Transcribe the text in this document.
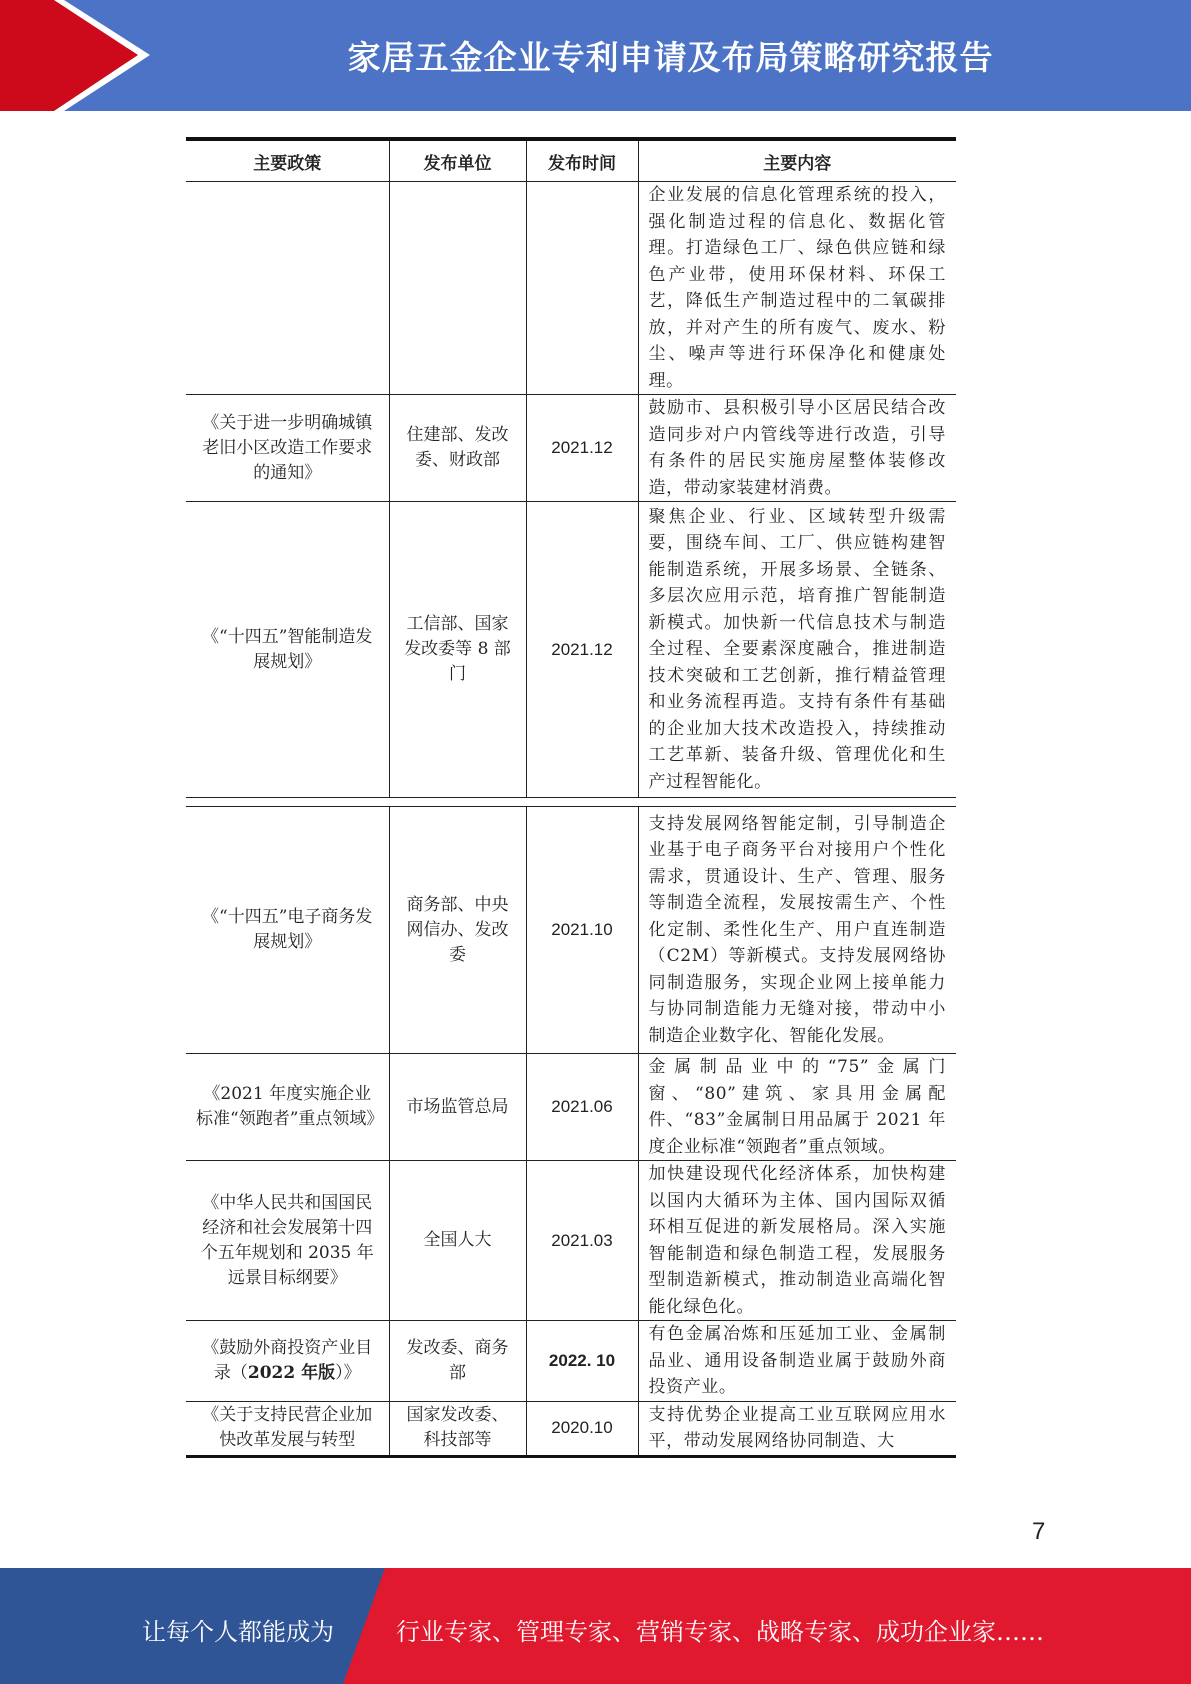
家居五金企业专利申请及布局策略研究报告
主要政策	发布单位	发布时间	主要内容
			企业发展的信息化管理系统的投入，强化制造过程的信息化、数据化管理。打造绿色工厂、绿色供应链和绿色产业带，使用环保材料、环保工艺，降低生产制造过程中的二氧碳排放，并对产生的所有废气、废水、粉尘、噪声等进行环保净化和健康处理。
《关于进一步明确城镇老旧小区改造工作要求的通知》	住建部、发改委、财政部	2021.12	鼓励市、县积极引导小区居民结合改造同步对户内管线等进行改造，引导有条件的居民实施房屋整体装修改造，带动家装建材消费。
《“十四五”智能制造发展规划》	工信部、国家发改委等 8 部门	2021.12	聚焦企业、行业、区域转型升级需要，围绕车间、工厂、供应链构建智能制造系统，开展多场景、全链条、多层次应用示范，培育推广智能制造新模式。加快新一代信息技术与制造全过程、全要素深度融合，推进制造技术突破和工艺创新，推行精益管理和业务流程再造。支持有条件有基础的企业加大技术改造投入，持续推动工艺革新、装备升级、管理优化和生产过程智能化。
《“十四五”电子商务发展规划》	商务部、中央网信办、发改委	2021.10	支持发展网络智能定制，引导制造企业基于电子商务平台对接用户个性化需求，贯通设计、生产、管理、服务等制造全流程，发展按需生产、个性化定制、柔性化生产、用户直连制造（C2M）等新模式。支持发展网络协同制造服务，实现企业网上接单能力与协同制造能力无缝对接，带动中小制造企业数字化、智能化发展。
《2021 年度实施企业标准“领跑者”重点领域》	市场监管总局	2021.06	金属制品业中的“75”金属门窗、“80”建筑、家具用金属配件、“83”金属制日用品属于 2021 年度企业标准“领跑者”重点领域。
《中华人民共和国国民经济和社会发展第十四个五年规划和 2035 年远景目标纲要》	全国人大	2021.03	加快建设现代化经济体系，加快构建以国内大循环为主体、国内国际双循环相互促进的新发展格局。深入实施智能制造和绿色制造工程，发展服务型制造新模式，推动制造业高端化智能化绿色化。
《鼓励外商投资产业目录（2022 年版）》	发改委、商务部	2022. 10	有色金属冶炼和压延加工业、金属制品业、通用设备制造业属于鼓励外商投资产业。
《关于支持民营企业加快改革发展与转型	国家发改委、科技部等	2020.10	支持优势企业提高工业互联网应用水平，带动发展网络协同制造、大
7
让每个人都能成为	行业专家、管理专家、营销专家、战略专家、成功企业家……
